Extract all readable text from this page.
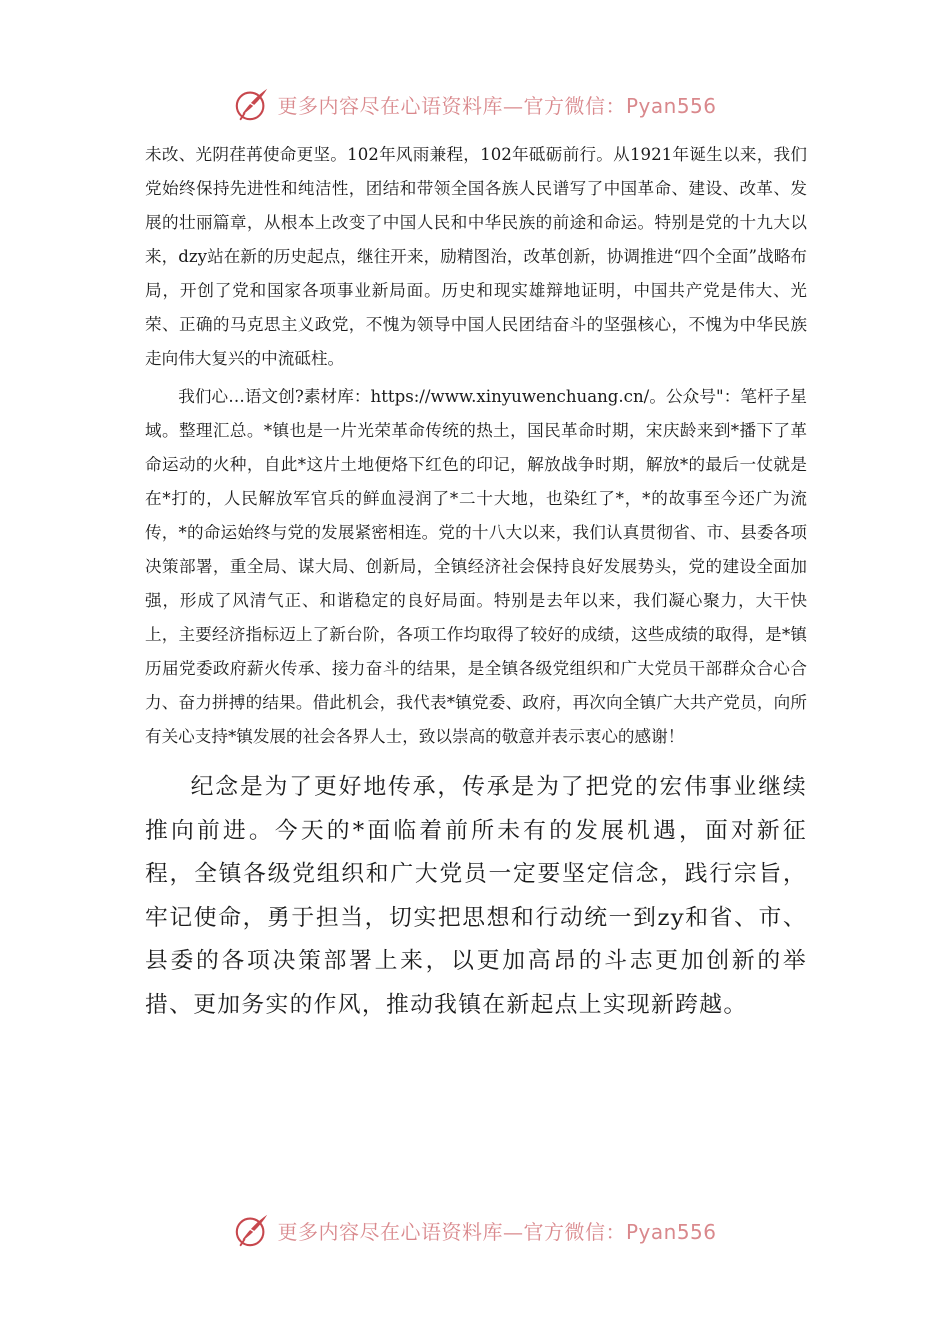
更多内容尽在心语资料库—官方微信：Pyan556

未改、光阴荏苒使命更坚。102年风雨兼程，102年砥砺前行。从1921年诞生以来，我们党始终保持先进性和纯洁性，团结和带领全国各族人民谱写了中国革命、建设、改革、发展的壮丽篇章，从根本上改变了中国人民和中华民族的前途和命运。特别是党的十九大以来，dzy站在新的历史起点，继往开来，励精图治，改革创新，协调推进“四个全面”战略布局，开创了党和国家各项事业新局面。历史和现实雄辩地证明，中国共产党是伟大、光荣、正确的马克思主义政党，不愧为领导中国人民团结奋斗的坚强核心，不愧为中华民族走向伟大复兴的中流砥柱。

我们心…语文创?素材库：https://www.xinyuwenchuang.cn/。公众号"：笔杆子星域。整理汇总。*镇也是一片光荣革命传统的热土，国民革命时期，宋庆龄来到*播下了革命运动的火种，自此*这片土地便烙下红色的印记，解放战争时期，解放*的最后一仗就是在*打的，人民解放军官兵的鲜血浸润了*二十大地，也染红了*，*的故事至今还广为流传，*的命运始终与党的发展紧密相连。党的十八大以来，我们认真贯彻省、市、县委各项决策部署，重全局、谋大局、创新局，全镇经济社会保持良好发展势头，党的建设全面加强，形成了风清气正、和谐稳定的良好局面。特别是去年以来，我们凝心聚力，大干快上，主要经济指标迈上了新台阶，各项工作均取得了较好的成绩，这些成绩的取得，是*镇历届党委政府薪火传承、接力奋斗的结果，是全镇各级党组织和广大党员干部群众合心合力、奋力拼搏的结果。借此机会，我代表*镇党委、政府，再次向全镇广大共产党员，向所有关心支持*镇发展的社会各界人士，致以崇高的敬意并表示衷心的感谢！

纪念是为了更好地传承，传承是为了把党的宏伟事业继续推向前进。今天的*面临着前所未有的发展机遇，面对新征程，全镇各级党组织和广大党员一定要坚定信念，践行宗旨，牢记使命，勇于担当，切实把思想和行动统一到zy和省、市、县委的各项决策部署上来，以更加高昂的斗志更加创新的举措、更加务实的作风，推动我镇在新起点上实现新跨越。

更多内容尽在心语资料库—官方微信：Pyan556
